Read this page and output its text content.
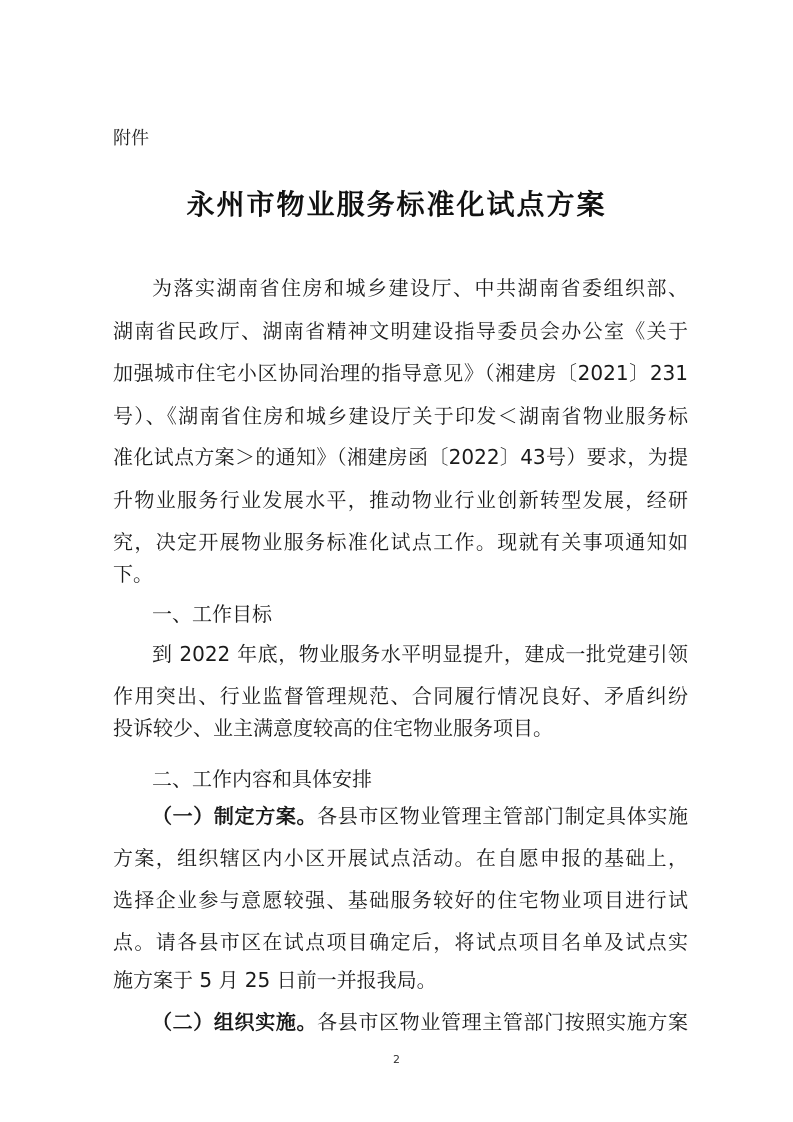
附件
永州市物业服务标准化试点方案
为落实湖南省住房和城乡建设厅、中共湖南省委组织部、
湖南省民政厅、湖南省精神文明建设指导委员会办公室《关于
加强城市住宅小区协同治理的指导意见》（湘建房〔2021〕231
号）、《湖南省住房和城乡建设厅关于印发＜湖南省物业服务标
准化试点方案＞的通知》（湘建房函〔2022〕43号）要求，为提
升物业服务行业发展水平，推动物业行业创新转型发展，经研
究，决定开展物业服务标准化试点工作。现就有关事项通知如
下。
一、工作目标
到 2022 年底，物业服务水平明显提升，建成一批党建引领
作用突出、行业监督管理规范、合同履行情况良好、矛盾纠纷
投诉较少、业主满意度较高的住宅物业服务项目。
二、工作内容和具体安排
（一）制定方案。各县市区物业管理主管部门制定具体实施
方案，组织辖区内小区开展试点活动。在自愿申报的基础上，
选择企业参与意愿较强、基础服务较好的住宅物业项目进行试
点。请各县市区在试点项目确定后，将试点项目名单及试点实
施方案于 5 月 25 日前一并报我局。
（二）组织实施。各县市区物业管理主管部门按照实施方案
2
